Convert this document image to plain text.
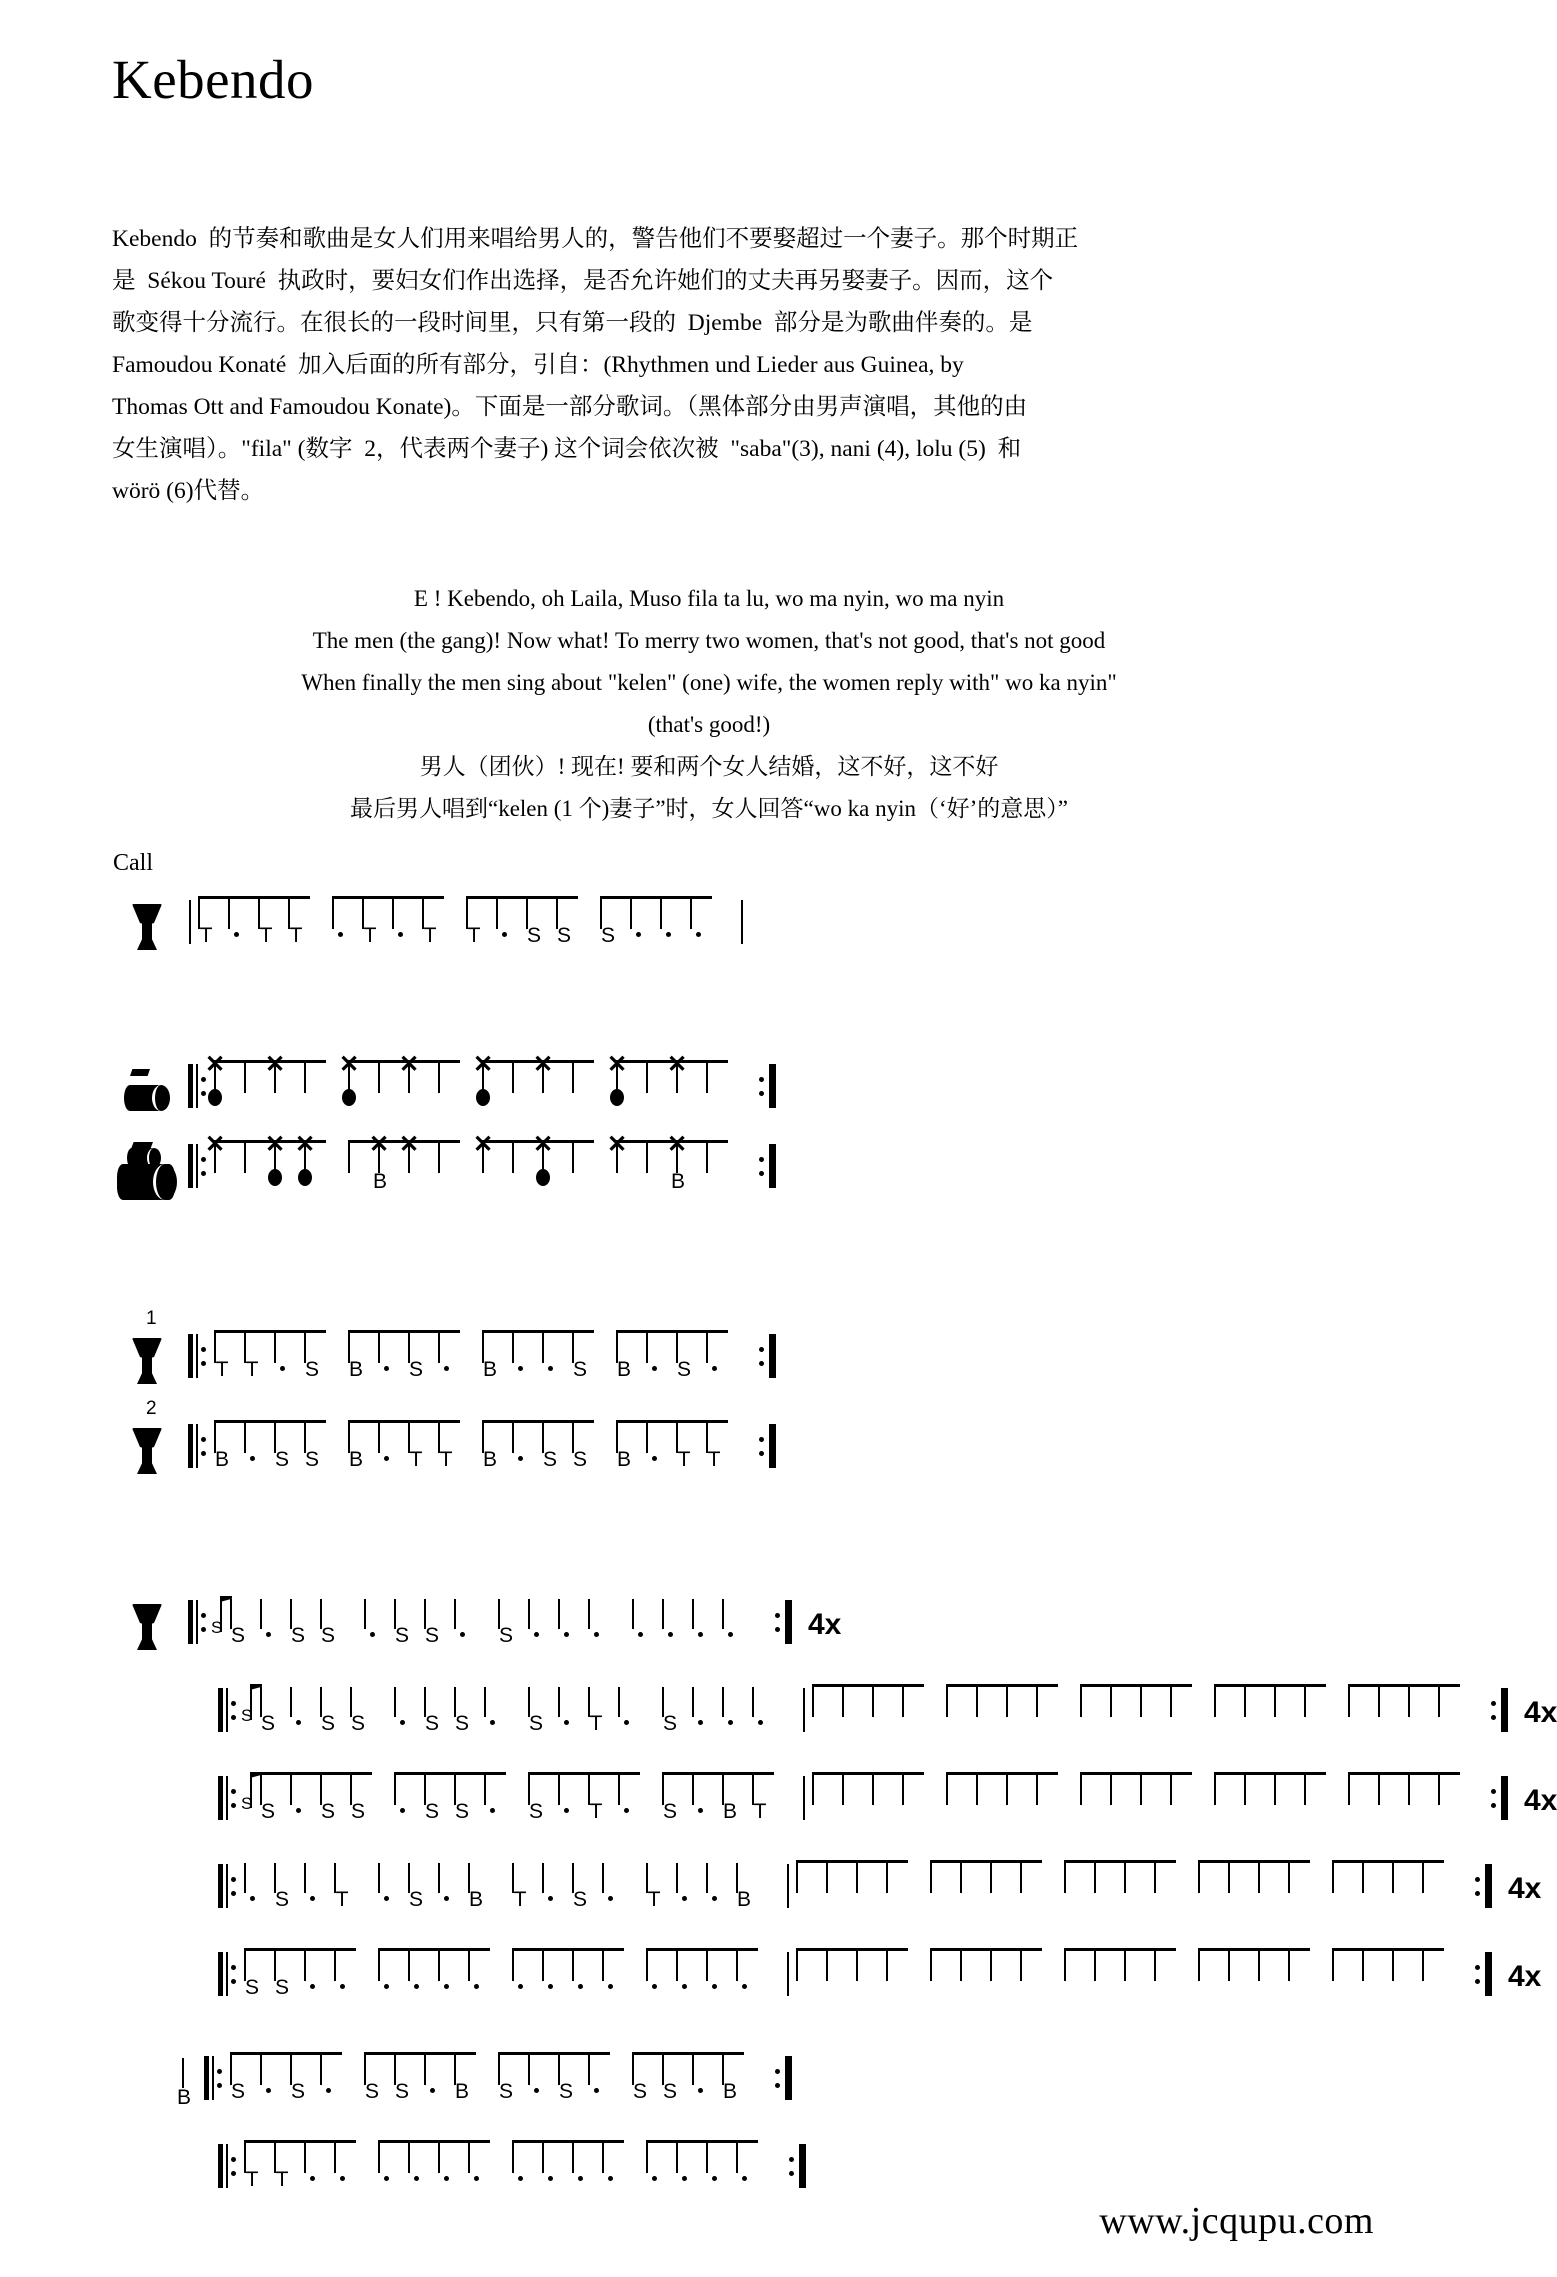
Kebendo
Kebendo  的节奏和歌曲是女人们用来唱给男人的，警告他们不要娶超过一个妻子。那个时期正
是  Sékou Touré  执政时，要妇女们作出选择，是否允许她们的丈夫再另娶妻子。因而，这个
歌变得十分流行。在很长的一段时间里，只有第一段的  Djembe  部分是为歌曲伴奏的。是
Famoudou Konaté  加入后面的所有部分，引自：(Rhythmen und Lieder aus Guinea, by
Thomas Ott and Famoudou Konate)。下面是一部分歌词。（黑体部分由男声演唱，其他的由
女生演唱）。"fila" (数字  2，代表两个妻子) 这个词会依次被  "saba"(3), nani (4), lolu (5)  和
wörö (6)代替。
E ! Kebendo, oh Laila, Muso fila ta lu, wo ma nyin, wo ma nyin
The men (the gang)! Now what! To merry two women, that's not good, that's not good
When finally the men sing about "kelen" (one) wife, the women reply with" wo ka nyin"
(that's good!)
男人（团伙）! 现在! 要和两个女人结婚，这不好，这不好
最后男人唱到“kelen (1 个)妻子”时，女人回答“wo ka nyin（‘好’的意思）”
Call
T	T T	T	T	T	S S	S
✕ ✕ ✕ ✕ ✕ ✕ ✕ ✕
✕ ✕ ✕ ✕
B
✕ ✕ ✕ ✕ ✕
B
1
T T	S	B	S	B	S	B	S
2
B	S S	B	T T	B	S S	B	T T
S S	S S	S S	S	4x
S S	S S	S S	S	T	S	4x
S S	S S	S S	S	T	S	B T	4x
S	T	S	B	T	S	T	B	4x
S S	4x
B	S	S	S S	B	S	S	S S	B
T T
www.jcqupu.com
